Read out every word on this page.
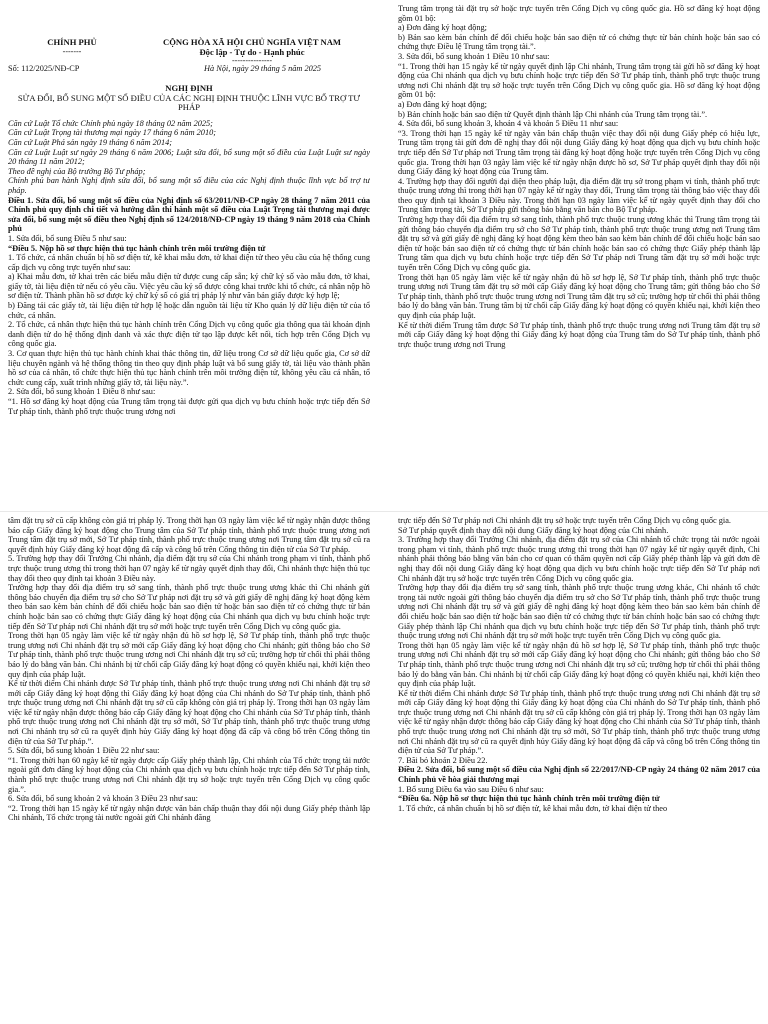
CHÍNH PHỦ
-------
CỘNG HÒA XÃ HỘI CHỦ NGHĨA VIỆT NAM
Độc lập - Tự do - Hạnh phúc
---------------
Số: 112/2025/NĐ-CP	Hà Nội, ngày 29 tháng 5 năm 2025
NGHỊ ĐỊNH
SỬA ĐỔI, BỔ SUNG MỘT SỐ ĐIỀU CỦA CÁC NGHỊ ĐỊNH THUỘC LĨNH VỰC BỔ TRỢ TƯ PHÁP

Căn cứ Luật Tổ chức Chính phủ ngày 18 tháng 02 năm 2025;

Căn cứ Luật Trọng tài thương mại ngày 17 tháng 6 năm 2010;

Căn cứ Luật Phá sản ngày 19 tháng 6 năm 2014;

Căn cứ Luật Luật sư ngày 29 tháng 6 năm 2006; Luật sửa đổi, bổ sung một số điều của Luật Luật sư ngày 20 tháng 11 năm 2012;

Theo đề nghị của Bộ trưởng Bộ Tư pháp;

Chính phủ ban hành Nghị định sửa đổi, bổ sung một số điều của các Nghị định thuộc lĩnh vực bổ trợ tư pháp.

Điều 1. Sửa đổi, bổ sung một số điều của Nghị định số 63/2011/NĐ-CP ngày 28 tháng 7 năm 2011 của Chính phủ quy định chi tiết và hướng dẫn thi hành một số điều của Luật Trọng tài thương mại được sửa đổi, bổ sung một số điều theo Nghị định số 124/2018/NĐ-CP ngày 19 tháng 9 năm 2018 của Chính phủ

1. Sửa đổi, bổ sung Điều 5 như sau:

“Điều 5. Nộp hồ sơ thực hiện thủ tục hành chính trên môi trường điện tử

1. Tổ chức, cá nhân chuẩn bị hồ sơ điện tử, kê khai mẫu đơn, tờ khai điện tử theo yêu cầu của hệ thống cung cấp dịch vụ công trực tuyến như sau:

a) Khai mẫu đơn, tờ khai trên các biểu mẫu điện tử được cung cấp sẵn; ký chữ ký số vào mẫu đơn, tờ khai, giấy tờ, tài liệu điện tử nếu có yêu cầu. Việc yêu cầu ký số được công khai trước khi tổ chức, cá nhân nộp hồ sơ điện tử. Thành phần hồ sơ được ký chữ ký số có giá trị pháp lý như văn bản giấy được ký hợp lệ;

b) Đăng tải các giấy tờ, tài liệu điện tử hợp lệ hoặc dẫn nguồn tài liệu từ Kho quản lý dữ liệu điện tử của tổ chức, cá nhân.

2. Tổ chức, cá nhân thực hiện thủ tục hành chính trên Cổng Dịch vụ công quốc gia thông qua tài khoản định danh điện tử do hệ thống định danh và xác thực điện tử tạo lập được kết nối, tích hợp trên Cổng Dịch vụ công quốc gia.

3. Cơ quan thực hiện thủ tục hành chính khai thác thông tin, dữ liệu trong Cơ sở dữ liệu quốc gia, Cơ sở dữ liệu chuyên ngành và hệ thống thông tin theo quy định pháp luật và bổ sung giấy tờ, tài liệu vào thành phần hồ sơ của cá nhân, tổ chức thực hiện thủ tục hành chính trên môi trường điện tử, không yêu cầu cá nhân, tổ chức cung cấp, xuất trình những giấy tờ, tài liệu này.”.

2. Sửa đổi, bổ sung khoản 1 Điều 8 như sau:

“1. Hồ sơ đăng ký hoạt động của Trung tâm trọng tài được gửi qua dịch vụ bưu chính hoặc trực tiếp đến Sở Tư pháp tỉnh, thành phố trực thuộc trung ương nơi

Trung tâm trọng tài đặt trụ sở hoặc trực tuyến trên Cổng Dịch vụ công quốc gia. Hồ sơ đăng ký hoạt động gồm 01 bộ:

a) Đơn đăng ký hoạt động;

b) Bản sao kèm bản chính để đối chiếu hoặc bản sao điện tử có chứng thực từ bản chính hoặc bản sao có chứng thực Điều lệ Trung tâm trọng tài.”.

3. Sửa đổi, bổ sung khoản 1 Điều 10 như sau:

“1. Trong thời hạn 15 ngày kể từ ngày quyết định lập Chi nhánh, Trung tâm trọng tài gửi hồ sơ đăng ký hoạt động của Chi nhánh qua dịch vụ bưu chính hoặc trực tiếp đến Sở Tư pháp tỉnh, thành phố trực thuộc trung ương nơi Chi nhánh đặt trụ sở hoặc trực tuyến trên Cổng Dịch vụ công quốc gia. Hồ sơ đăng ký hoạt động gồm 01 bộ:

a) Đơn đăng ký hoạt động;

b) Bản chính hoặc bản sao điện tử Quyết định thành lập Chi nhánh của Trung tâm trọng tài.”.

4. Sửa đổi, bổ sung khoản 3, khoản 4 và khoản 5 Điều 11 như sau:

“3. Trong thời hạn 15 ngày kể từ ngày văn bản chấp thuận việc thay đổi nội dung Giấy phép có hiệu lực, Trung tâm trọng tài gửi đơn đề nghị thay đổi nội dung Giấy đăng ký hoạt động qua dịch vụ bưu chính hoặc trực tiếp đến Sở Tư pháp nơi Trung tâm trọng tài đăng ký hoạt động hoặc trực tuyến trên Cổng Dịch vụ công quốc gia. Trong thời hạn 03 ngày làm việc kể từ ngày nhận được hồ sơ, Sở Tư pháp quyết định thay đổi nội dung Giấy đăng ký hoạt động của Trung tâm.

4. Trường hợp thay đổi người đại diện theo pháp luật, địa điểm đặt trụ sở trong phạm vi tỉnh, thành phố trực thuộc trung ương thì trong thời hạn 07 ngày kể từ ngày thay đổi, Trung tâm trọng tài thông báo việc thay đổi theo quy định tại khoản 3 Điều này. Trong thời hạn 03 ngày làm việc kể từ ngày quyết định thay đổi cho Trung tâm trọng tài, Sở Tư pháp gửi thông báo bằng văn bản cho Bộ Tư pháp.

Trường hợp thay đổi địa điểm trụ sở sang tỉnh, thành phố trực thuộc trung ương khác thì Trung tâm trọng tài gửi thông báo chuyển địa điểm trụ sở cho Sở Tư pháp tỉnh, thành phố trực thuộc trung ương nơi Trung tâm đặt trụ sở và gửi giấy đề nghị đăng ký hoạt động kèm theo bản sao kèm bản chính để đối chiếu hoặc bản sao điện tử hoặc bản sao điện tử có chứng thực từ bản chính hoặc bản sao có chứng thực Giấy phép thành lập Trung tâm qua dịch vụ bưu chính hoặc trực tiếp đến Sở Tư pháp nơi Trung tâm đặt trụ sở mới hoặc trực tuyến trên Cổng Dịch vụ công quốc gia.

Trong thời hạn 05 ngày làm việc kể từ ngày nhận đủ hồ sơ hợp lệ, Sở Tư pháp tỉnh, thành phố trực thuộc trung ương nơi Trung tâm đặt trụ sở mới cấp Giấy đăng ký hoạt động cho Trung tâm; gửi thông báo cho Sở Tư pháp tỉnh, thành phố trực thuộc trung ương nơi Trung tâm đặt trụ sở cũ; trường hợp từ chối thì phải thông báo lý do bằng văn bản. Trung tâm bị từ chối cấp Giấy đăng ký hoạt động có quyền khiếu nại, khởi kiện theo quy định của pháp luật.

Kể từ thời điểm Trung tâm được Sở Tư pháp tỉnh, thành phố trực thuộc trung ương nơi Trung tâm đặt trụ sở mới cấp Giấy đăng ký hoạt động thì Giấy đăng ký hoạt động của Trung tâm do Sở Tư pháp tỉnh, thành phố trực thuộc trung ương nơi Trung

tâm đặt trụ sở cũ cấp không còn giá trị pháp lý. Trong thời hạn 03 ngày làm việc kể từ ngày nhận được thông báo cấp Giấy đăng ký hoạt động cho Trung tâm của Sở Tư pháp tỉnh, thành phố trực thuộc trung ương nơi Trung tâm đặt trụ sở mới, Sở Tư pháp tỉnh, thành phố trực thuộc trung ương nơi Trung tâm đặt trụ sở cũ ra quyết định hủy Giấy đăng ký hoạt động đã cấp và công bố trên Cổng thông tin điện tử của Sở Tư pháp.

5. Trường hợp thay đổi Trưởng Chi nhánh, địa điểm đặt trụ sở của Chi nhánh trong phạm vi tỉnh, thành phố trực thuộc trung ương thì trong thời hạn 07 ngày kể từ ngày quyết định thay đổi, Chi nhánh thực hiện thủ tục thay đổi theo quy định tại khoản 3 Điều này.

Trường hợp thay đổi địa điểm trụ sở sang tỉnh, thành phố trực thuộc trung ương khác thì Chi nhánh gửi thông báo chuyển địa điểm trụ sở cho Sở Tư pháp nơi đặt trụ sở và gửi giấy đề nghị đăng ký hoạt động kèm theo bản sao kèm bản chính để đối chiếu hoặc bản sao điện tử hoặc bản sao điện tử có chứng thực từ bản chính hoặc bản sao có chứng thực Giấy đăng ký hoạt động của Chi nhánh qua dịch vụ bưu chính hoặc trực tiếp đến Sở Tư pháp nơi Chi nhánh đặt trụ sở mới hoặc trực tuyến trên Cổng Dịch vụ công quốc gia.

Trong thời hạn 05 ngày làm việc kể từ ngày nhận đủ hồ sơ hợp lệ, Sở Tư pháp tỉnh, thành phố trực thuộc trung ương nơi Chi nhánh đặt trụ sở mới cấp Giấy đăng ký hoạt động cho Chi nhánh; gửi thông báo cho Sở Tư pháp tỉnh, thành phố trực thuộc trung ương nơi Chi nhánh đặt trụ sở cũ; trường hợp từ chối thì phải thông báo lý do bằng văn bản. Chi nhánh bị từ chối cấp Giấy đăng ký hoạt động có quyền khiếu nại, khởi kiện theo quy định của pháp luật.

Kể từ thời điểm Chi nhánh được Sở Tư pháp tỉnh, thành phố trực thuộc trung ương nơi Chi nhánh đặt trụ sở mới cấp Giấy đăng ký hoạt động thì Giấy đăng ký hoạt động của Chi nhánh do Sở Tư pháp tỉnh, thành phố trực thuộc trung ương nơi Chi nhánh đặt trụ sở cũ cấp không còn giá trị pháp lý. Trong thời hạn 03 ngày làm việc kể từ ngày nhận được thông báo cấp Giấy đăng ký hoạt động cho Chi nhánh của Sở Tư pháp tỉnh, thành phố trực thuộc trung ương nơi Chi nhánh đặt trụ sở mới, Sở Tư pháp tỉnh, thành phố trực thuộc trung ương nơi Chi nhánh trụ sở cũ ra quyết định hủy Giấy đăng ký hoạt động đã cấp và công bố trên Cổng thông tin điện tử của Sở Tư pháp.”.

5. Sửa đổi, bổ sung khoản 1 Điều 22 như sau:

“1. Trong thời hạn 60 ngày kể từ ngày được cấp Giấy phép thành lập, Chi nhánh của Tổ chức trọng tài nước ngoài gửi đơn đăng ký hoạt động của Chi nhánh qua dịch vụ bưu chính hoặc trực tiếp đến Sở Tư pháp tỉnh, thành phố trực thuộc trung ương nơi Chi nhánh đặt trụ sở hoặc trực tuyến trên Cổng Dịch vụ công quốc gia.”.

6. Sửa đổi, bổ sung khoản 2 và khoản 3 Điều 23 như sau:

“2. Trong thời hạn 15 ngày kể từ ngày nhận được văn bản chấp thuận thay đổi nội dung Giấy phép thành lập Chi nhánh, Tổ chức trọng tài nước ngoài gửi Chi nhánh đăng

trực tiếp đến Sở Tư pháp nơi Chi nhánh đặt trụ sở hoặc trực tuyến trên Cổng Dịch vụ công quốc gia.

Sở Tư pháp quyết định thay đổi nội dung Giấy đăng ký hoạt động của Chi nhánh.

3. Trường hợp thay đổi Trưởng Chi nhánh, địa điểm đặt trụ sở của Chi nhánh tổ chức trọng tài nước ngoài trong phạm vi tỉnh, thành phố trực thuộc trung ương thì trong thời hạn 07 ngày kể từ ngày quyết định, Chi nhánh phải thông báo bằng văn bản cho cơ quan có thẩm quyền nơi cấp Giấy phép thành lập và gửi đơn đề nghị thay đổi nội dung Giấy đăng ký hoạt động qua dịch vụ bưu chính hoặc trực tiếp đến Sở Tư pháp nơi Chi nhánh đặt trụ sở hoặc trực tuyến trên Cổng Dịch vụ công quốc gia.

Trường hợp thay đổi địa điểm trụ sở sang tỉnh, thành phố trực thuộc trung ương khác, Chi nhánh tổ chức trọng tài nước ngoài gửi thông báo chuyển địa điểm trụ sở cho Sở Tư pháp tỉnh, thành phố trực thuộc trung ương nơi Chi nhánh đặt trụ sở và gửi giấy đề nghị đăng ký hoạt động kèm theo bản sao kèm bản chính để đối chiếu hoặc bản sao điện tử hoặc bản sao điện tử có chứng thực từ bản chính hoặc bản sao có chứng thực Giấy phép thành lập Chi nhánh qua dịch vụ bưu chính hoặc trực tiếp đến Sở Tư pháp tỉnh, thành phố trực thuộc trung ương nơi Chi nhánh đặt trụ sở mới hoặc trực tuyến trên Cổng Dịch vụ công quốc gia.

Trong thời hạn 05 ngày làm việc kể từ ngày nhận đủ hồ sơ hợp lệ, Sở Tư pháp tỉnh, thành phố trực thuộc trung ương nơi Chi nhánh đặt trụ sở mới cấp Giấy đăng ký hoạt động cho Chi nhánh; gửi thông báo cho Sở Tư pháp tỉnh, thành phố trực thuộc trung ương nơi Chi nhánh đặt trụ sở cũ; trường hợp từ chối thì phải thông báo lý do bằng văn bản. Chi nhánh bị từ chối cấp Giấy đăng ký hoạt động có quyền khiếu nại, khởi kiện theo quy định của pháp luật.

Kể từ thời điểm Chi nhánh được Sở Tư pháp tỉnh, thành phố trực thuộc trung ương nơi Chi nhánh đặt trụ sở mới cấp Giấy đăng ký hoạt động thì Giấy đăng ký hoạt động của Chi nhánh do Sở Tư pháp tỉnh, thành phố trực thuộc trung ương nơi Chi nhánh đặt trụ sở cũ cấp không còn giá trị pháp lý. Trong thời hạn 03 ngày làm việc kể từ ngày nhận được thông báo cấp Giấy đăng ký hoạt động cho Chi nhánh của Sở Tư pháp tỉnh, thành phố trực thuộc trung ương nơi Chi nhánh đặt trụ sở mới, Sở Tư pháp tỉnh, thành phố trực thuộc trung ương nơi Chi nhánh đặt trụ sở cũ ra quyết định hủy Giấy đăng ký hoạt động đã cấp và công bố trên Cổng thông tin điện tử của Sở Tư pháp.”.

7. Bãi bỏ khoản 2 Điều 22.

Điều 2. Sửa đổi, bổ sung một số điều của Nghị định số 22/2017/NĐ-CP ngày 24 tháng 02 năm 2017 của Chính phủ về hòa giải thương mại

1. Bổ sung Điều 6a vào sau Điều 6 như sau:

“Điều 6a. Nộp hồ sơ thực hiện thủ tục hành chính trên môi trường điện tử

1. Tổ chức, cá nhân chuẩn bị hồ sơ điện tử, kê khai mẫu đơn, tờ khai điện tử theo
